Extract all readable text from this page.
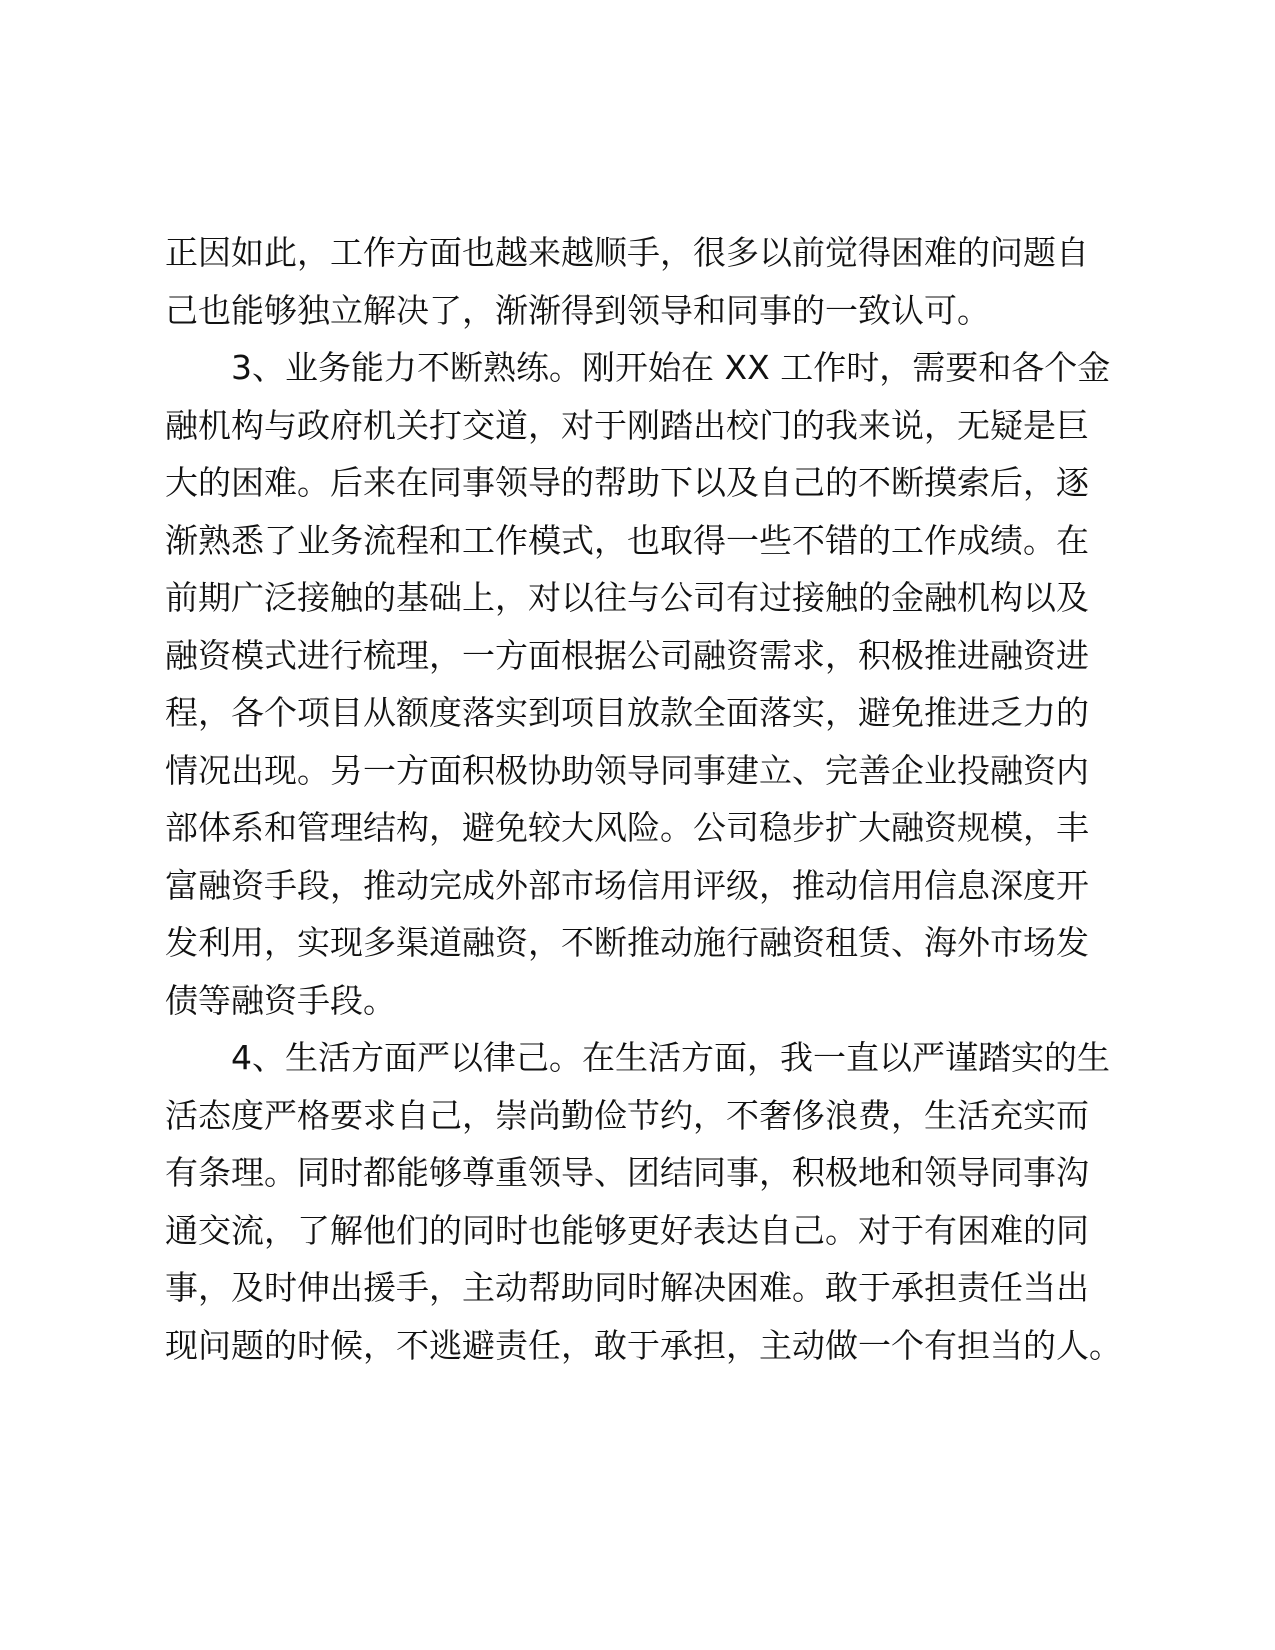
正因如此，工作方面也越来越顺手，很多以前觉得困难的问题自
己也能够独立解决了，渐渐得到领导和同事的一致认可。

3、业务能力不断熟练。刚开始在 XX 工作时，需要和各个金
融机构与政府机关打交道，对于刚踏出校门的我来说，无疑是巨
大的困难。后来在同事领导的帮助下以及自己的不断摸索后，逐
渐熟悉了业务流程和工作模式，也取得一些不错的工作成绩。在
前期广泛接触的基础上，对以往与公司有过接触的金融机构以及
融资模式进行梳理，一方面根据公司融资需求，积极推进融资进
程，各个项目从额度落实到项目放款全面落实，避免推进乏力的
情况出现。另一方面积极协助领导同事建立、完善企业投融资内
部体系和管理结构，避免较大风险。公司稳步扩大融资规模，丰
富融资手段，推动完成外部市场信用评级，推动信用信息深度开
发利用，实现多渠道融资，不断推动施行融资租赁、海外市场发
债等融资手段。

4、生活方面严以律己。在生活方面，我一直以严谨踏实的生
活态度严格要求自己，崇尚勤俭节约，不奢侈浪费，生活充实而
有条理。同时都能够尊重领导、团结同事，积极地和领导同事沟
通交流，了解他们的同时也能够更好表达自己。对于有困难的同
事，及时伸出援手，主动帮助同时解决困难。敢于承担责任当出
现问题的时候，不逃避责任，敢于承担，主动做一个有担当的人。
